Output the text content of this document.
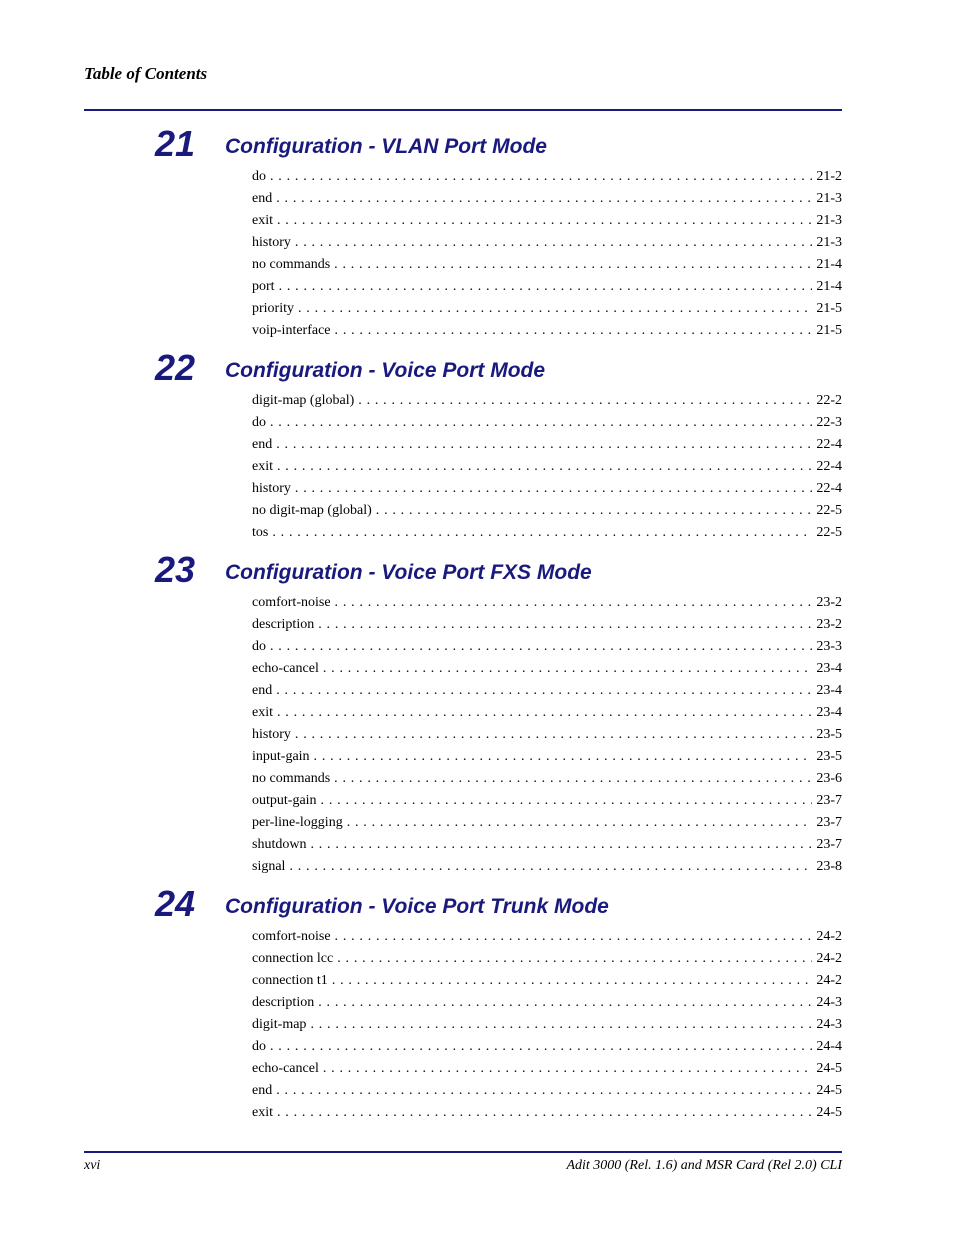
Table of Contents
21 Configuration - VLAN Port Mode
do . . .	21-2
end . . .	21-3
exit . . .	21-3
history . . .	21-3
no commands . . .	21-4
port . . .	21-4
priority . . .	21-5
voip-interface . . .	21-5
22 Configuration - Voice Port Mode
digit-map (global) . . .	22-2
do . . .	22-3
end . . .	22-4
exit . . .	22-4
history . . .	22-4
no digit-map (global) . . .	22-5
tos . . .	22-5
23 Configuration - Voice Port FXS Mode
comfort-noise . . .	23-2
description . . .	23-2
do . . .	23-3
echo-cancel . . .	23-4
end . . .	23-4
exit . . .	23-4
history . . .	23-5
input-gain . . .	23-5
no commands . . .	23-6
output-gain . . .	23-7
per-line-logging . . .	23-7
shutdown . . .	23-7
signal . . .	23-8
24 Configuration - Voice Port Trunk Mode
comfort-noise . . .	24-2
connection lcc . . .	24-2
connection t1 . . .	24-2
description . . .	24-3
digit-map . . .	24-3
do . . .	24-4
echo-cancel . . .	24-5
end . . .	24-5
exit . . .	24-5
xvi	Adit 3000 (Rel. 1.6) and MSR Card (Rel 2.0) CLI
